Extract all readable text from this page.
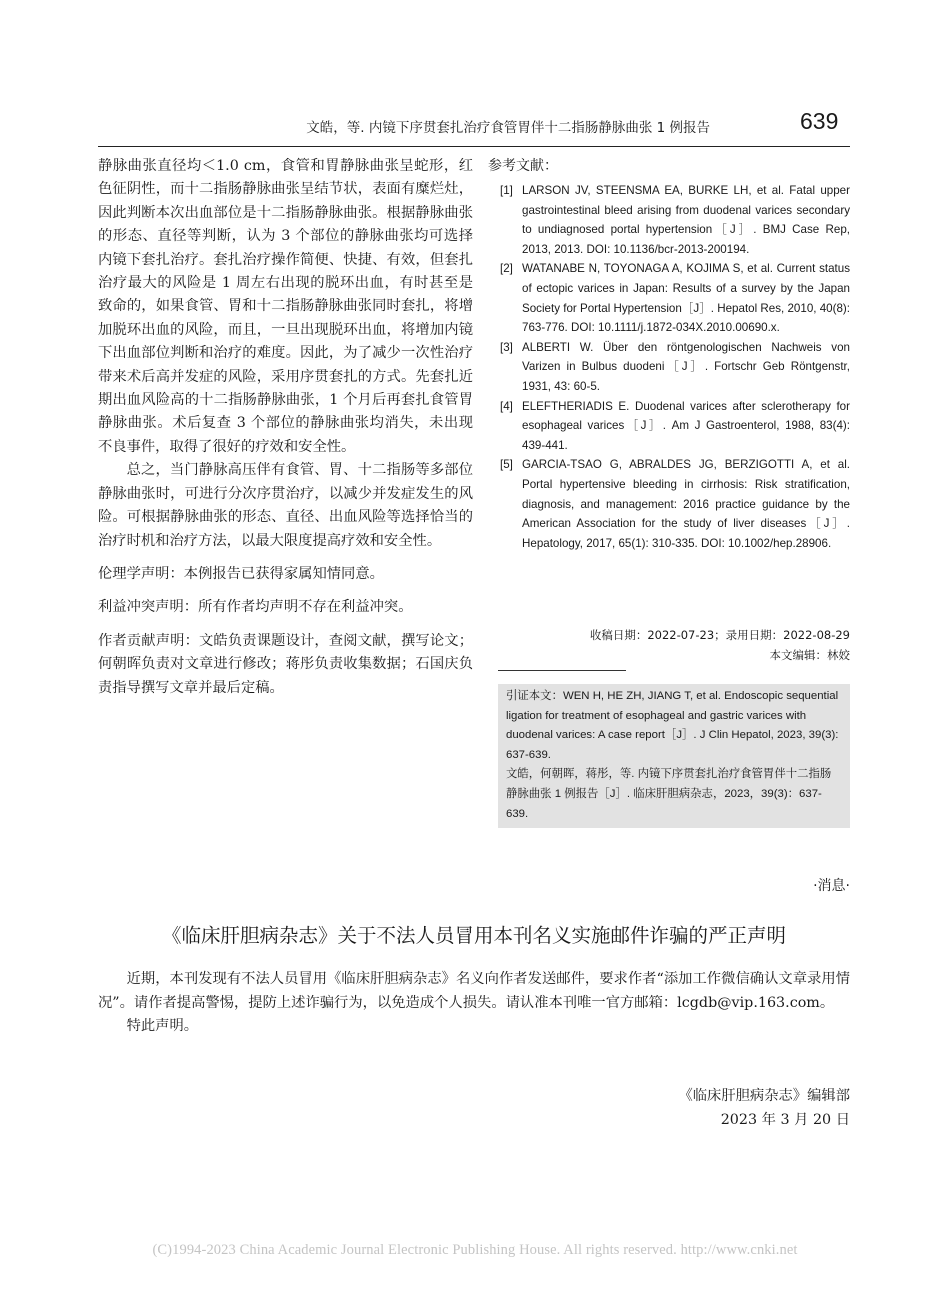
文皓，等. 内镜下序贯套扎治疗食管胃伴十二指肠静脉曲张 1 例报告	639

静脉曲张直径均＜1.0 cm，食管和胃静脉曲张呈蛇形，红色征阴性，而十二指肠静脉曲张呈结节状，表面有糜烂灶，因此判断本次出血部位是十二指肠静脉曲张。根据静脉曲张的形态、直径等判断，认为 3 个部位的静脉曲张均可选择内镜下套扎治疗。套扎治疗操作简便、快捷、有效，但套扎治疗最大的风险是 1 周左右出现的脱环出血，有时甚至是致命的，如果食管、胃和十二指肠静脉曲张同时套扎，将增加脱环出血的风险，而且，一旦出现脱环出血，将增加内镜下出血部位判断和治疗的难度。因此，为了减少一次性治疗带来术后高并发症的风险，采用序贯套扎的方式。先套扎近期出血风险高的十二指肠静脉曲张，1 个月后再套扎食管胃静脉曲张。术后复查 3 个部位的静脉曲张均消失，未出现不良事件，取得了很好的疗效和安全性。

总之，当门静脉高压伴有食管、胃、十二指肠等多部位静脉曲张时，可进行分次序贯治疗，以减少并发症发生的风险。可根据静脉曲张的形态、直径、出血风险等选择恰当的治疗时机和治疗方法，以最大限度提高疗效和安全性。

伦理学声明：本例报告已获得家属知情同意。

利益冲突声明：所有作者均声明不存在利益冲突。

作者贡献声明：文皓负责课题设计，查阅文献，撰写论文；何朝晖负责对文章进行修改；蒋彤负责收集数据；石国庆负责指导撰写文章并最后定稿。

参考文献：
[1] LARSON JV, STEENSMA EA, BURKE LH, et al. Fatal upper gastrointestinal bleed arising from duodenal varices secondary to undiagnosed portal hypertension［J］. BMJ Case Rep, 2013, 2013. DOI: 10.1136/bcr-2013-200194.
[2] WATANABE N, TOYONAGA A, KOJIMA S, et al. Current status of ectopic varices in Japan: Results of a survey by the Japan Society for Portal Hypertension［J］. Hepatol Res, 2010, 40(8): 763-776. DOI: 10.1111/j.1872-034X.2010.00690.x.
[3] ALBERTI W. Über den röntgenologischen Nachweis von Varizen in Bulbus duodeni［J］. Fortschr Geb Röntgenstr, 1931, 43: 60-5.
[4] ELEFTHERIADIS E. Duodenal varices after sclerotherapy for esophageal varices［J］. Am J Gastroenterol, 1988, 83(4): 439-441.
[5] GARCIA-TSAO G, ABRALDES JG, BERZIGOTTI A, et al. Portal hypertensive bleeding in cirrhosis: Risk stratification, diagnosis, and management: 2016 practice guidance by the American Association for the study of liver diseases［J］. Hepatology, 2017, 65(1): 310-335. DOI: 10.1002/hep.28906.
收稿日期：2022-07-23；录用日期：2022-08-29
本文编辑：林姣

引证本文：WEN H, HE ZH, JIANG T, et al. Endoscopic sequential ligation for treatment of esophageal and gastric varices with duodenal varices: A case report［J］. J Clin Hepatol, 2023, 39(3): 637-639.

文皓，何朝晖，蒋彤，等. 内镜下序贯套扎治疗食管胃伴十二指肠静脉曲张 1 例报告［J］. 临床肝胆病杂志，2023，39(3)：637-639.

·消息·
《临床肝胆病杂志》关于不法人员冒用本刊名义实施邮件诈骗的严正声明

近期，本刊发现有不法人员冒用《临床肝胆病杂志》名义向作者发送邮件，要求作者“添加工作微信确认文章录用情况”。请作者提高警惕，提防上述诈骗行为，以免造成个人损失。请认准本刊唯一官方邮箱：lcgdb@vip.163.com。

特此声明。

《临床肝胆病杂志》编辑部
2023 年 3 月 20 日
(C)1994-2023 China Academic Journal Electronic Publishing House. All rights reserved. http://www.cnki.net
